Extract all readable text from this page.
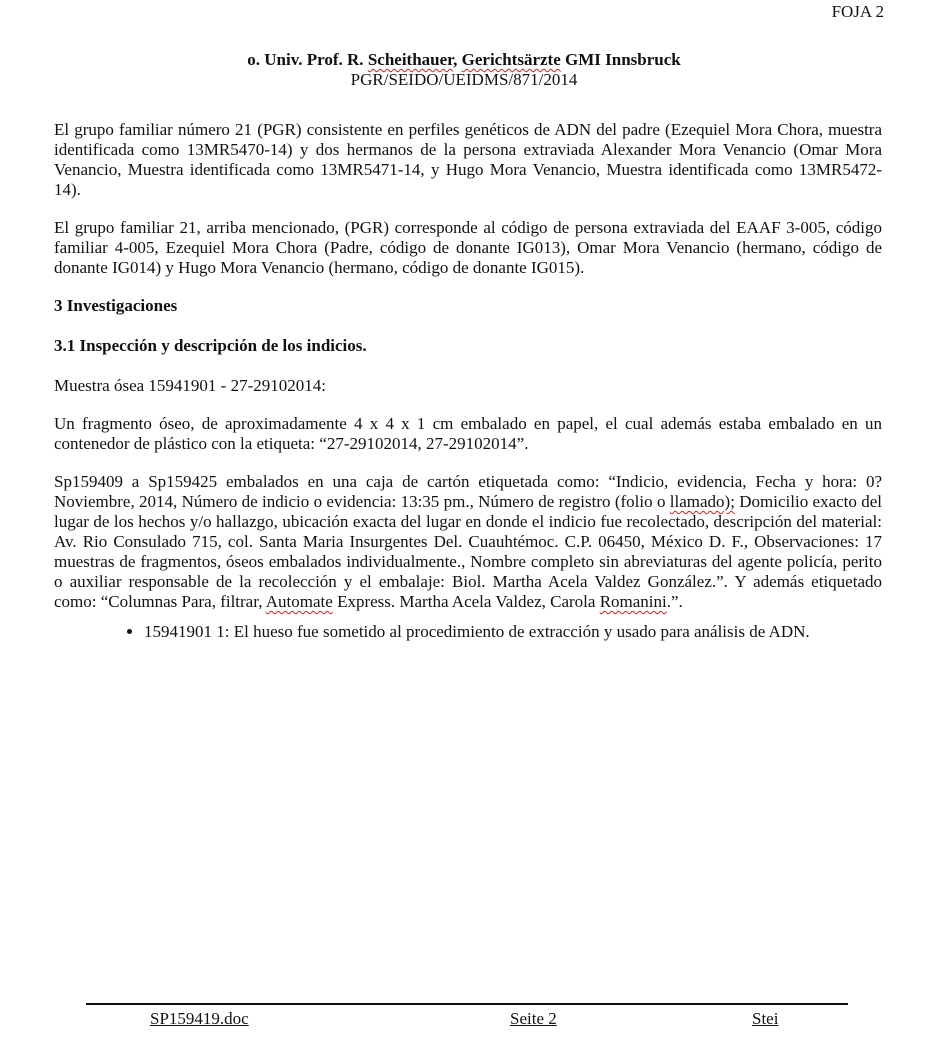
FOJA 2
o. Univ. Prof. R. Scheithauer, Gerichtsärzte GMI Innsbruck
PGR/SEIDO/UEIDMS/871/2014

El grupo familiar número 21 (PGR) consistente en perfiles genéticos de ADN del padre (Ezequiel Mora Chora, muestra identificada como 13MR5470-14) y dos hermanos de la persona extraviada Alexander Mora Venancio (Omar Mora Venancio, Muestra identificada como 13MR5471-14, y Hugo Mora Venancio, Muestra identificada como 13MR5472-14).

El grupo familiar 21, arriba mencionado, (PGR) corresponde al código de persona extraviada del EAAF 3-005, código familiar 4-005, Ezequiel Mora Chora (Padre, código de donante IG013), Omar Mora Venancio (hermano, código de donante IG014) y Hugo Mora Venancio (hermano, código de donante IG015).

3 Investigaciones
3.1 Inspección y descripción de los indicios.

Muestra ósea 15941901 - 27-29102014:

Un fragmento óseo, de aproximadamente 4 x 4 x 1 cm embalado en papel, el cual además estaba embalado en un contenedor de plástico con la etiqueta: “27-29102014, 27-29102014”.

Sp159409 a Sp159425 embalados en una caja de cartón etiquetada como: “Indicio, evidencia, Fecha y hora: 0? Noviembre, 2014, Número de indicio o evidencia: 13:35 pm., Número de registro (folio o llamado); Domicilio exacto del lugar de los hechos y/o hallazgo, ubicación exacta del lugar en donde el indicio fue recolectado, descripción del material: Av. Rio Consulado 715, col. Santa Maria Insurgentes Del. Cuauhtémoc. C.P. 06450, México D. F., Observaciones: 17 muestras de fragmentos, óseos embalados individualmente., Nombre completo sin abreviaturas del agente policía, perito o auxiliar responsable de la recolección y el embalaje: Biol. Martha Acela Valdez González.”. Y además etiquetado como: “Columnas Para, filtrar, Automate Express. Martha Acela Valdez, Carola Romanini.”.

• 15941901 1: El hueso fue sometido al procedimiento de extracción y usado para análisis de ADN.
SP159419.doc	Seite 2	Stei
